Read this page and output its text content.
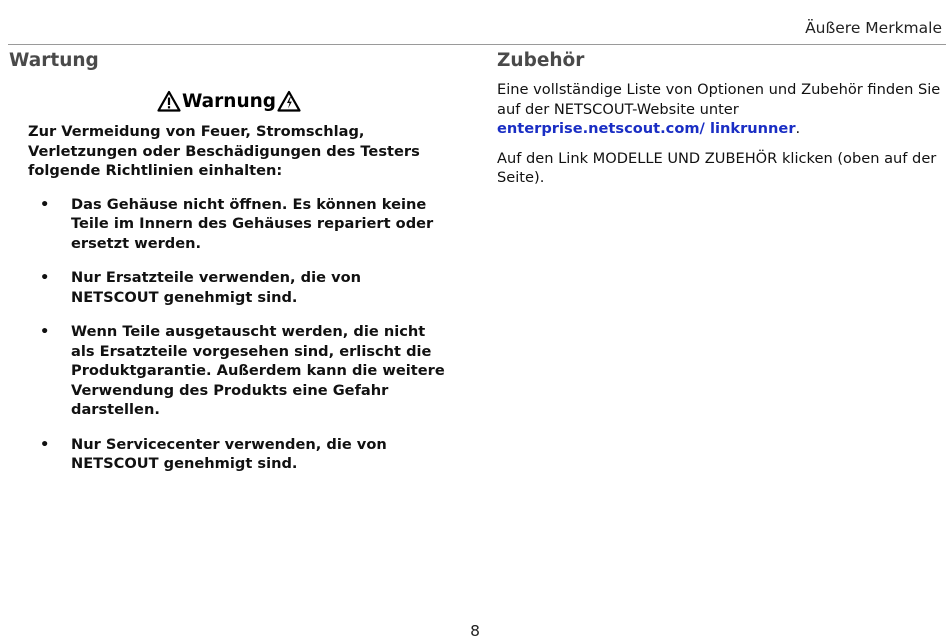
Äußere Merkmale
Wartung
Warnung
Zur Vermeidung von Feuer, Stromschlag, Verletzungen oder Beschädigungen des Testers folgende Richtlinien einhalten:
• Das Gehäuse nicht öffnen. Es können keine Teile im Innern des Gehäuses repariert oder ersetzt werden.
• Nur Ersatzteile verwenden, die von NETSCOUT genehmigt sind.
• Wenn Teile ausgetauscht werden, die nicht als Ersatzteile vorgesehen sind, erlischt die Produktgarantie. Außerdem kann die weitere Verwendung des Produkts eine Gefahr darstellen.
• Nur Servicecenter verwenden, die von NETSCOUT genehmigt sind.
Zubehör

Eine vollständige Liste von Optionen und Zubehör finden Sie auf der NETSCOUT-Website unter enterprise.netscout.com/ linkrunner.

Auf den Link MODELLE UND ZUBEHÖR klicken (oben auf der Seite).

8
